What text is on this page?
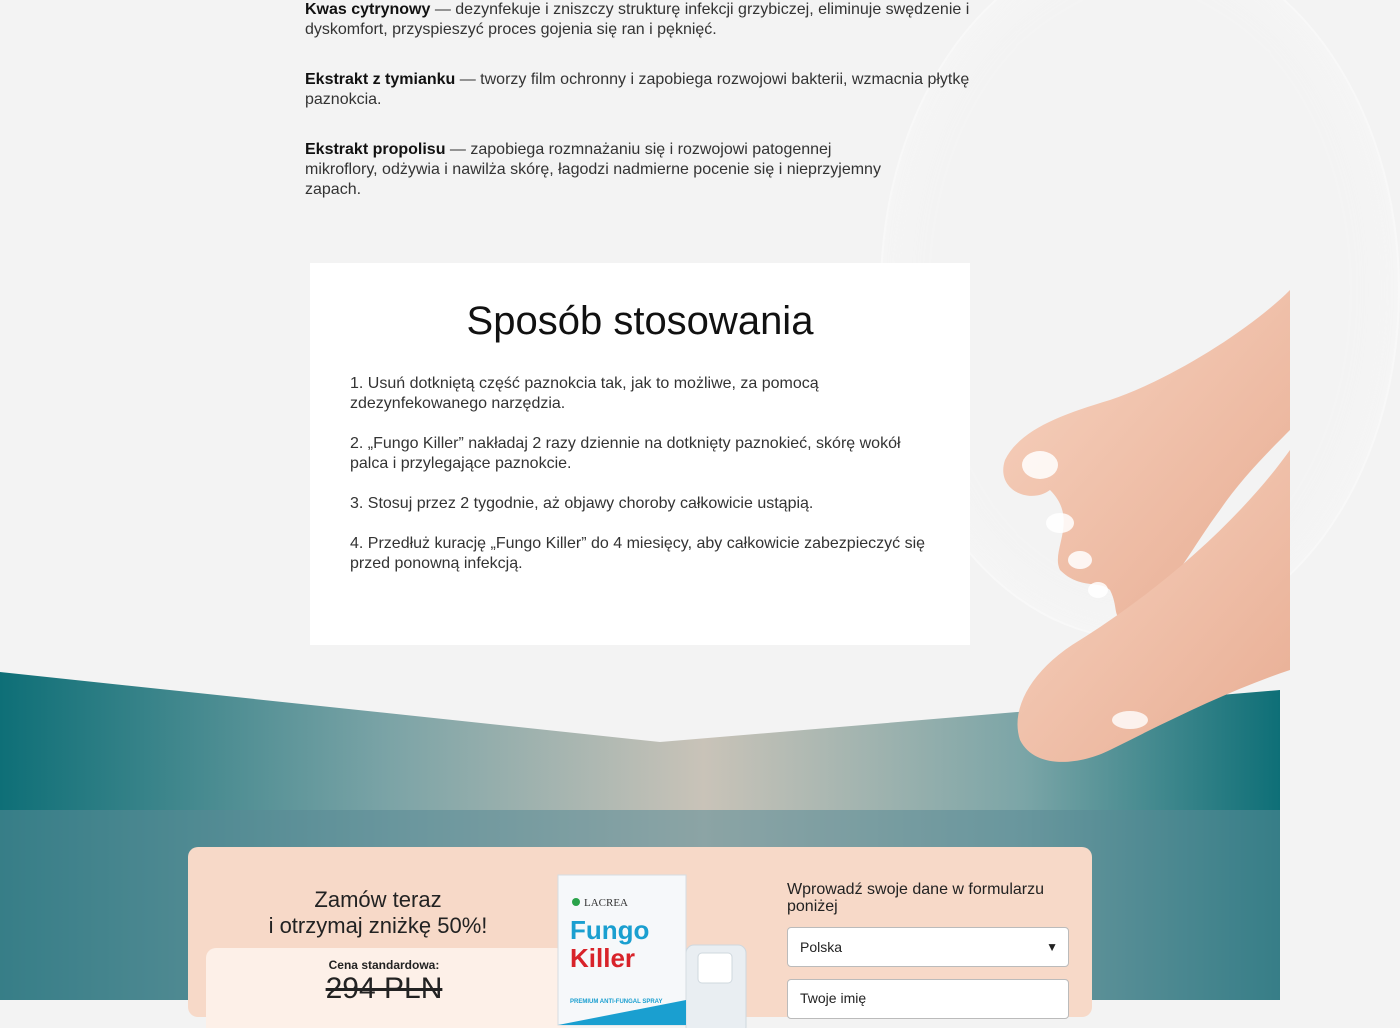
Kwas cytrynowy — dezynfekuje i zniszczy strukturę infekcji grzybiczej, eliminuje swędzenie i dyskomfort, przyspieszyć proces gojenia się ran i pęknięć.

Ekstrakt z tymianku — tworzy film ochronny i zapobiega rozwojowi bakterii, wzmacnia płytkę paznokcia.

Ekstrakt propolisu — zapobiega rozmnażaniu się i rozwojowi patogennej mikroflory, odżywia i nawilża skórę, łagodzi nadmierne pocenie się i nieprzyjemny zapach.

Sposób stosowania
1. Usuń dotkniętą część paznokcia tak, jak to możliwe, za pomocą zdezynfekowanego narzędzia.
2. „Fungo Killer” nakładaj 2 razy dziennie na dotknięty paznokieć, skórę wokół palca i przylegające paznokcie.
3. Stosuj przez 2 tygodnie, aż objawy choroby całkowicie ustąpią.
4. Przedłuż kurację „Fungo Killer” do 4 miesięcy, aby całkowicie zabezpieczyć się przed ponowną infekcją.
Zamów teraz
i otrzymaj zniżkę 50%!
Cena standardowa:
294 PLN
LACREA
Fungo
Killer
PREMIUM ANTI-FUNGAL SPRAY
Wprowadź swoje dane w formularzu poniżej
Polska	▼
Twoje imię
